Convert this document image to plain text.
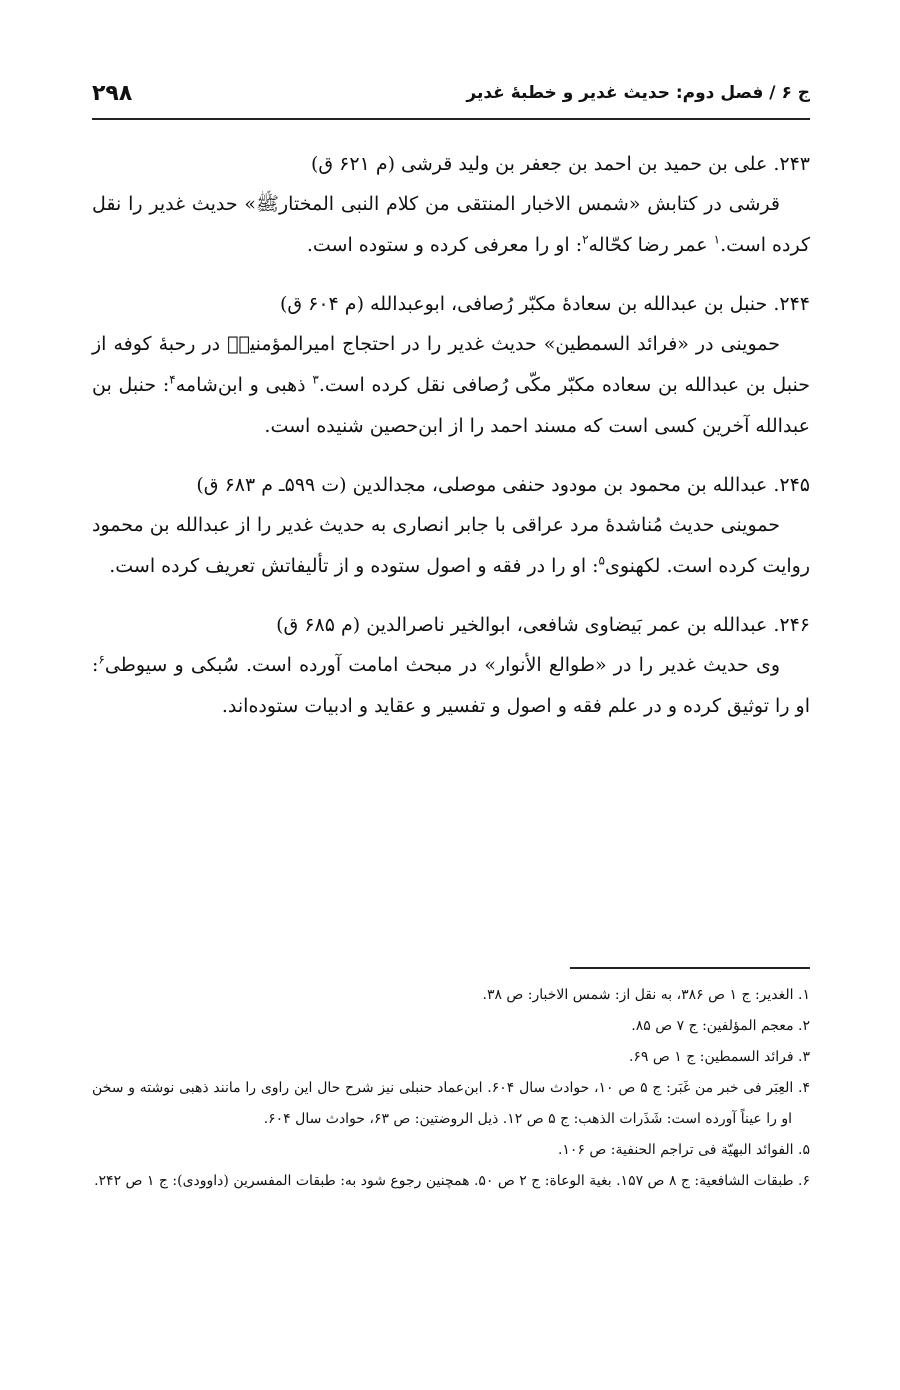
ج ۶ / فصل دوم: حدیث غدیر و خطبهٔ غدیر
۲۹۸
۲۴۳. علی بن حمید بن احمد بن جعفر بن ولید قرشی (م ۶۲۱ ق)
قرشی در کتابش «شمس الاخبار المنتقی من کلام النبی المختارﷺ» حدیث غدیر را نقل کرده است.$^۱$ عمر رضا کحّاله$^۲$: او را معرفی کرده و ستوده است.
۲۴۴. حنبل بن عبدالله بن سعادهٔ مکبّر رُصافی، ابوعبدالله (م ۶۰۴ ق)
حموینی در «فرائد السمطین» حدیث غدیر را در احتجاج امیرالمؤمنینؑ در رحبهٔ کوفه از حنبل بن عبدالله بن سعاده مکبّر مکّی رُصافی نقل کرده است.$^۳$ ذهبی و ابن‌شامه$^۴$: حنبل بن عبدالله آخرین کسی است که مسند احمد را از ابن‌حصین شنیده است.
۲۴۵. عبدالله بن محمود بن مودود حنفی موصلی، مجدالدین (ت ۵۹۹ـ م ۶۸۳ ق)
حموینی حدیث مُناشدهٔ مرد عراقی با جابر انصاری به حدیث غدیر را از عبدالله بن محمود روایت کرده است. لکهنوی$^۵$: او را در فقه و اصول ستوده و از تألیفاتش تعریف کرده است.
۲۴۶. عبدالله بن عمر بَیضاوی شافعی، ابوالخیر ناصرالدین (م ۶۸۵ ق)
وی حدیث غدیر را در «طوالع الأنوار» در مبحث امامت آورده است. سُبکی و سیوطی$^۶$: او را توثیق کرده و در علم فقه و اصول و تفسیر و عقاید و ادبیات ستوده‌اند.
۱. الغدیر: ج ۱ ص ۳۸۶، به نقل از: شمس الاخبار: ص ۳۸.
۲. معجم المؤلفین: ج ۷ ص ۸۵.
۳. فرائد السمطین: ج ۱ ص ۶۹.
۴. العِبَر فی خبر من غَبَر: ج ۵ ص ۱۰، حوادث سال ۶۰۴. ابن‌عماد حنبلی نیز شرح حال این راوی را مانند ذهبی نوشته و سخن او را عیناً آورده است: شَذَرات الذهب: ج ۵ ص ۱۲. ذیل الروضتین: ص ۶۳، حوادث سال ۶۰۴.
۵. الفوائد البهیّة فی تراجم الحنفیة: ص ۱۰۶.
۶. طبقات الشافعیة: ج ۸ ص ۱۵۷. بغیة الوعاة: ج ۲ ص ۵۰. همچنین رجوع شود به: طبقات المفسرین (داوودی): ج ۱ ص ۲۴۲.
